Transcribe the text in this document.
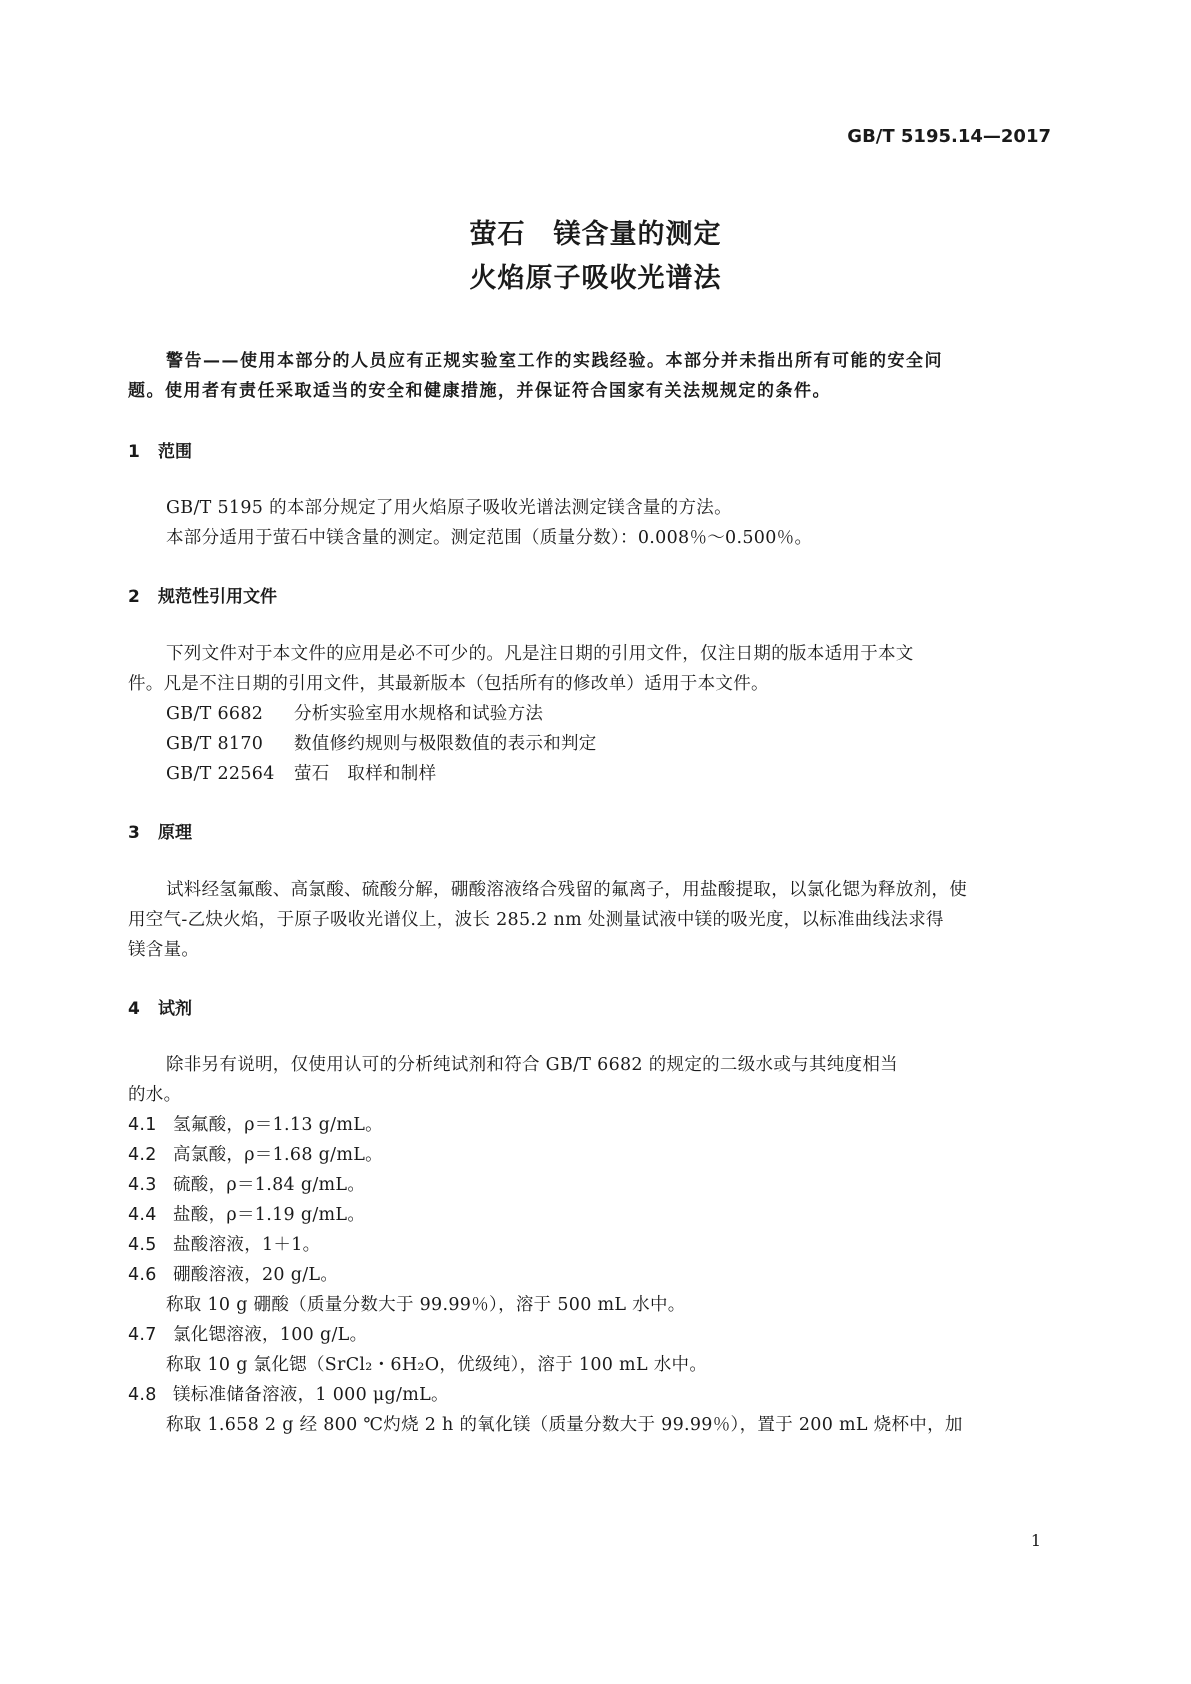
GB/T 5195.14—2017
萤石　镁含量的测定
火焰原子吸收光谱法
警告——使用本部分的人员应有正规实验室工作的实践经验。本部分并未指出所有可能的安全问
题。使用者有责任采取适当的安全和健康措施，并保证符合国家有关法规规定的条件。
1 范围
GB/T 5195 的本部分规定了用火焰原子吸收光谱法测定镁含量的方法。
本部分适用于萤石中镁含量的测定。测定范围（质量分数）：0.008％～0.500％。
2 规范性引用文件
下列文件对于本文件的应用是必不可少的。凡是注日期的引用文件，仅注日期的版本适用于本文
件。凡是不注日期的引用文件，其最新版本（包括所有的修改单）适用于本文件。
GB/T 6682 分析实验室用水规格和试验方法
GB/T 8170 数值修约规则与极限数值的表示和判定
GB/T 22564 萤石　取样和制样
3 原理
试料经氢氟酸、高氯酸、硫酸分解，硼酸溶液络合残留的氟离子，用盐酸提取，以氯化锶为释放剂，使
用空气-乙炔火焰，于原子吸收光谱仪上，波长 285.2 nm 处测量试液中镁的吸光度，以标准曲线法求得
镁含量。
4 试剂
除非另有说明，仅使用认可的分析纯试剂和符合 GB/T 6682 的规定的二级水或与其纯度相当
的水。
4.1 氢氟酸，ρ＝1.13 g/mL。
4.2 高氯酸，ρ＝1.68 g/mL。
4.3 硫酸，ρ＝1.84 g/mL。
4.4 盐酸，ρ＝1.19 g/mL。
4.5 盐酸溶液，1＋1。
4.6 硼酸溶液，20 g/L。
称取 10 g 硼酸（质量分数大于 99.99％），溶于 500 mL 水中。
4.7 氯化锶溶液，100 g/L。
称取 10 g 氯化锶（SrCl₂・6H₂O，优级纯），溶于 100 mL 水中。
4.8 镁标准储备溶液，1 000 μg/mL。
称取 1.658 2 g 经 800 ℃灼烧 2 h 的氧化镁（质量分数大于 99.99％），置于 200 mL 烧杯中，加
1
